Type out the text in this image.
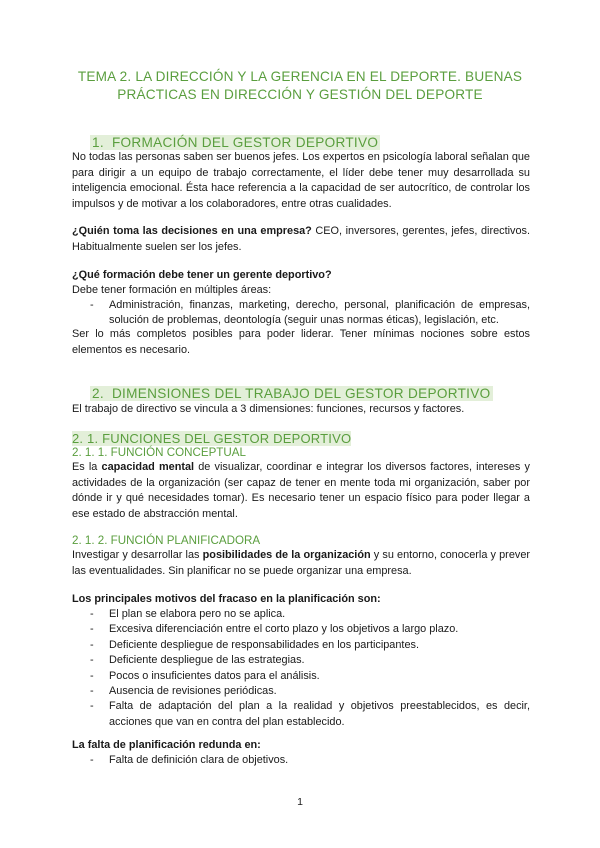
TEMA 2. LA DIRECCIÓN Y LA GERENCIA EN EL DEPORTE. BUENAS PRÁCTICAS EN DIRECCIÓN Y GESTIÓN DEL DEPORTE
1. FORMACIÓN DEL GESTOR DEPORTIVO

No todas las personas saben ser buenos jefes. Los expertos en psicología laboral señalan que para dirigir a un equipo de trabajo correctamente, el líder debe tener muy desarrollada su inteligencia emocional. Ésta hace referencia a la capacidad de ser autocrítico, de controlar los impulsos y de motivar a los colaboradores, entre otras cualidades.

¿Quién toma las decisiones en una empresa? CEO, inversores, gerentes, jefes, directivos. Habitualmente suelen ser los jefes.

¿Qué formación debe tener un gerente deportivo?

Debe tener formación en múltiples áreas:

- Administración, finanzas, marketing, derecho, personal, planificación de empresas, solución de problemas, deontología (seguir unas normas éticas), legislación, etc.

Ser lo más completos posibles para poder liderar. Tener mínimas nociones sobre estos elementos es necesario.

2. DIMENSIONES DEL TRABAJO DEL GESTOR DEPORTIVO

El trabajo de directivo se vincula a 3 dimensiones: funciones, recursos y factores.

2. 1. FUNCIONES DEL GESTOR DEPORTIVO
2. 1. 1. FUNCIÓN CONCEPTUAL

Es la capacidad mental de visualizar, coordinar e integrar los diversos factores, intereses y actividades de la organización (ser capaz de tener en mente toda mi organización, saber por dónde ir y qué necesidades tomar). Es necesario tener un espacio físico para poder llegar a ese estado de abstracción mental.

2. 1. 2. FUNCIÓN PLANIFICADORA

Investigar y desarrollar las posibilidades de la organización y su entorno, conocerla y prever las eventualidades. Sin planificar no se puede organizar una empresa.

Los principales motivos del fracaso en la planificación son:

- El plan se elabora pero no se aplica.
- Excesiva diferenciación entre el corto plazo y los objetivos a largo plazo.
- Deficiente despliegue de responsabilidades en los participantes.
- Deficiente despliegue de las estrategias.
- Pocos o insuficientes datos para el análisis.
- Ausencia de revisiones periódicas.
- Falta de adaptación del plan a la realidad y objetivos preestablecidos, es decir, acciones que van en contra del plan establecido.

La falta de planificación redunda en:

- Falta de definición clara de objetivos.
1
